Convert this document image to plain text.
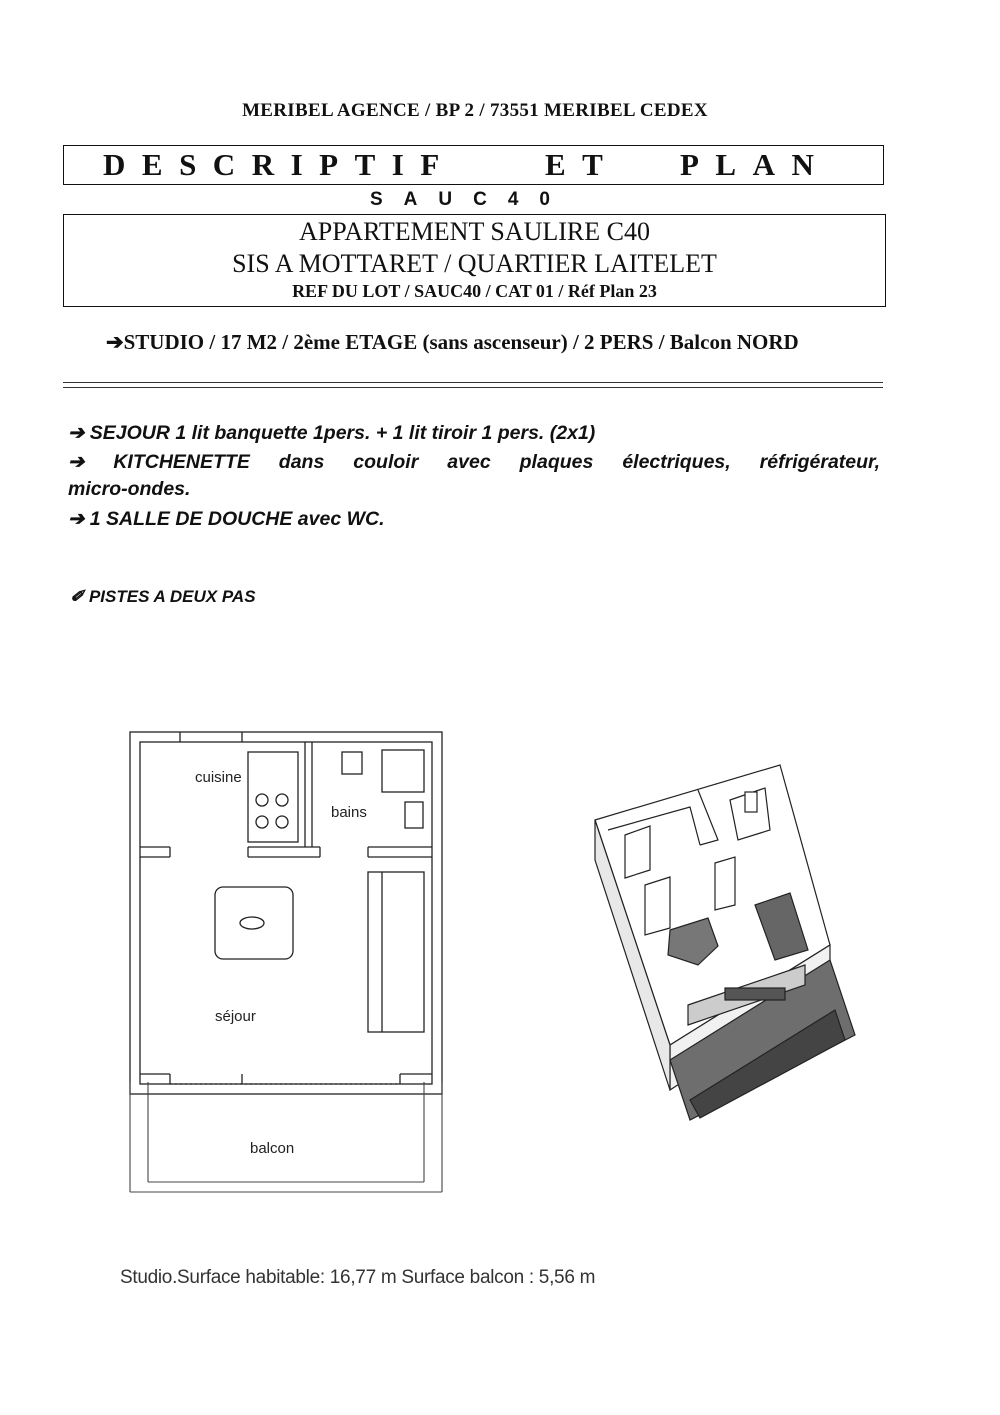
MERIBEL AGENCE / BP 2 / 73551 MERIBEL CEDEX
DESCRIPTIF	ET PLAN
SAUC40
APPARTEMENT SAULIRE C40
SIS A MOTTARET / QUARTIER LAITELET
REF DU LOT / SAUC40 / CAT 01 / Réf Plan 23
➔STUDIO / 17 M2 / 2ème ETAGE (sans ascenseur) / 2 PERS / Balcon NORD
➔ SEJOUR 1 lit banquette 1pers. + 1 lit tiroir 1 pers. (2x1)
➔ KITCHENETTE dans couloir avec plaques électriques, réfrigérateur,
micro-ondes.
➔ 1 SALLE DE DOUCHE avec WC.
✐ PISTES A DEUX PAS
cuisine
bains
séjour
balcon
Studio.Surface habitable: 16,77 m Surface balcon : 5,56 m
